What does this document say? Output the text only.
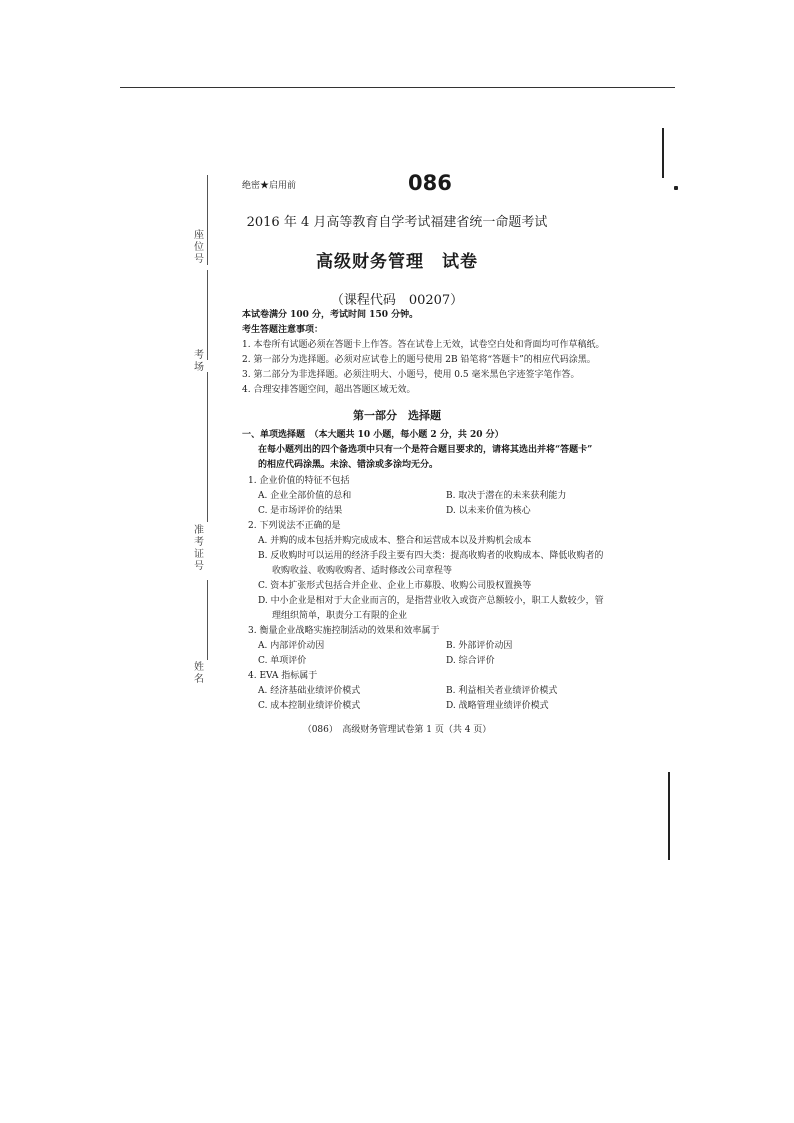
座位号
考场
准考证号
姓名
绝密★启用前	086
2016 年 4 月高等教育自学考试福建省统一命题考试
高级财务管理　试卷
（课程代码　00207）
本试卷满分 100 分，考试时间 150 分钟。
考生答题注意事项：
1. 本卷所有试题必须在答题卡上作答。答在试卷上无效，试卷空白处和背面均可作草稿纸。
2. 第一部分为选择题。必须对应试卷上的题号使用 2B 铅笔将“答题卡”的相应代码涂黑。
3. 第二部分为非选择题。必须注明大、小题号，使用 0.5 毫米黑色字迹签字笔作答。
4. 合理安排答题空间，超出答题区域无效。
第一部分　选择题
一、单项选择题　（本大题共 10 小题，每小题 2 分，共 20 分）
在每小题列出的四个备选项中只有一个是符合题目要求的，请将其选出并将“答题卡”
的相应代码涂黑。未涂、错涂或多涂均无分。
1. 企业价值的特征不包括
A. 企业全部价值的总和	B. 取决于潜在的未来获利能力
C. 是市场评价的结果	D. 以未来价值为核心
2. 下列说法不正确的是
A. 并购的成本包括并购完成成本、整合和运营成本以及并购机会成本
B. 反收购时可以运用的经济手段主要有四大类：提高收购者的收购成本、降低收购者的
收购收益、收购收购者、适时修改公司章程等
C. 资本扩张形式包括合并企业、企业上市募股、收购公司股权置换等
D. 中小企业是相对于大企业而言的，是指营业收入或资产总额较小，职工人数较少，管
理组织简单，职责分工有限的企业
3. 衡量企业战略实施控制活动的效果和效率属于
A. 内部评价动因	B. 外部评价动因
C. 单项评价	D. 综合评价
4. EVA 指标属于
A. 经济基础业绩评价模式	B. 利益相关者业绩评价模式
C. 成本控制业绩评价模式	D. 战略管理业绩评价模式
（086）　高级财务管理试卷第 1 页（共 4 页）
